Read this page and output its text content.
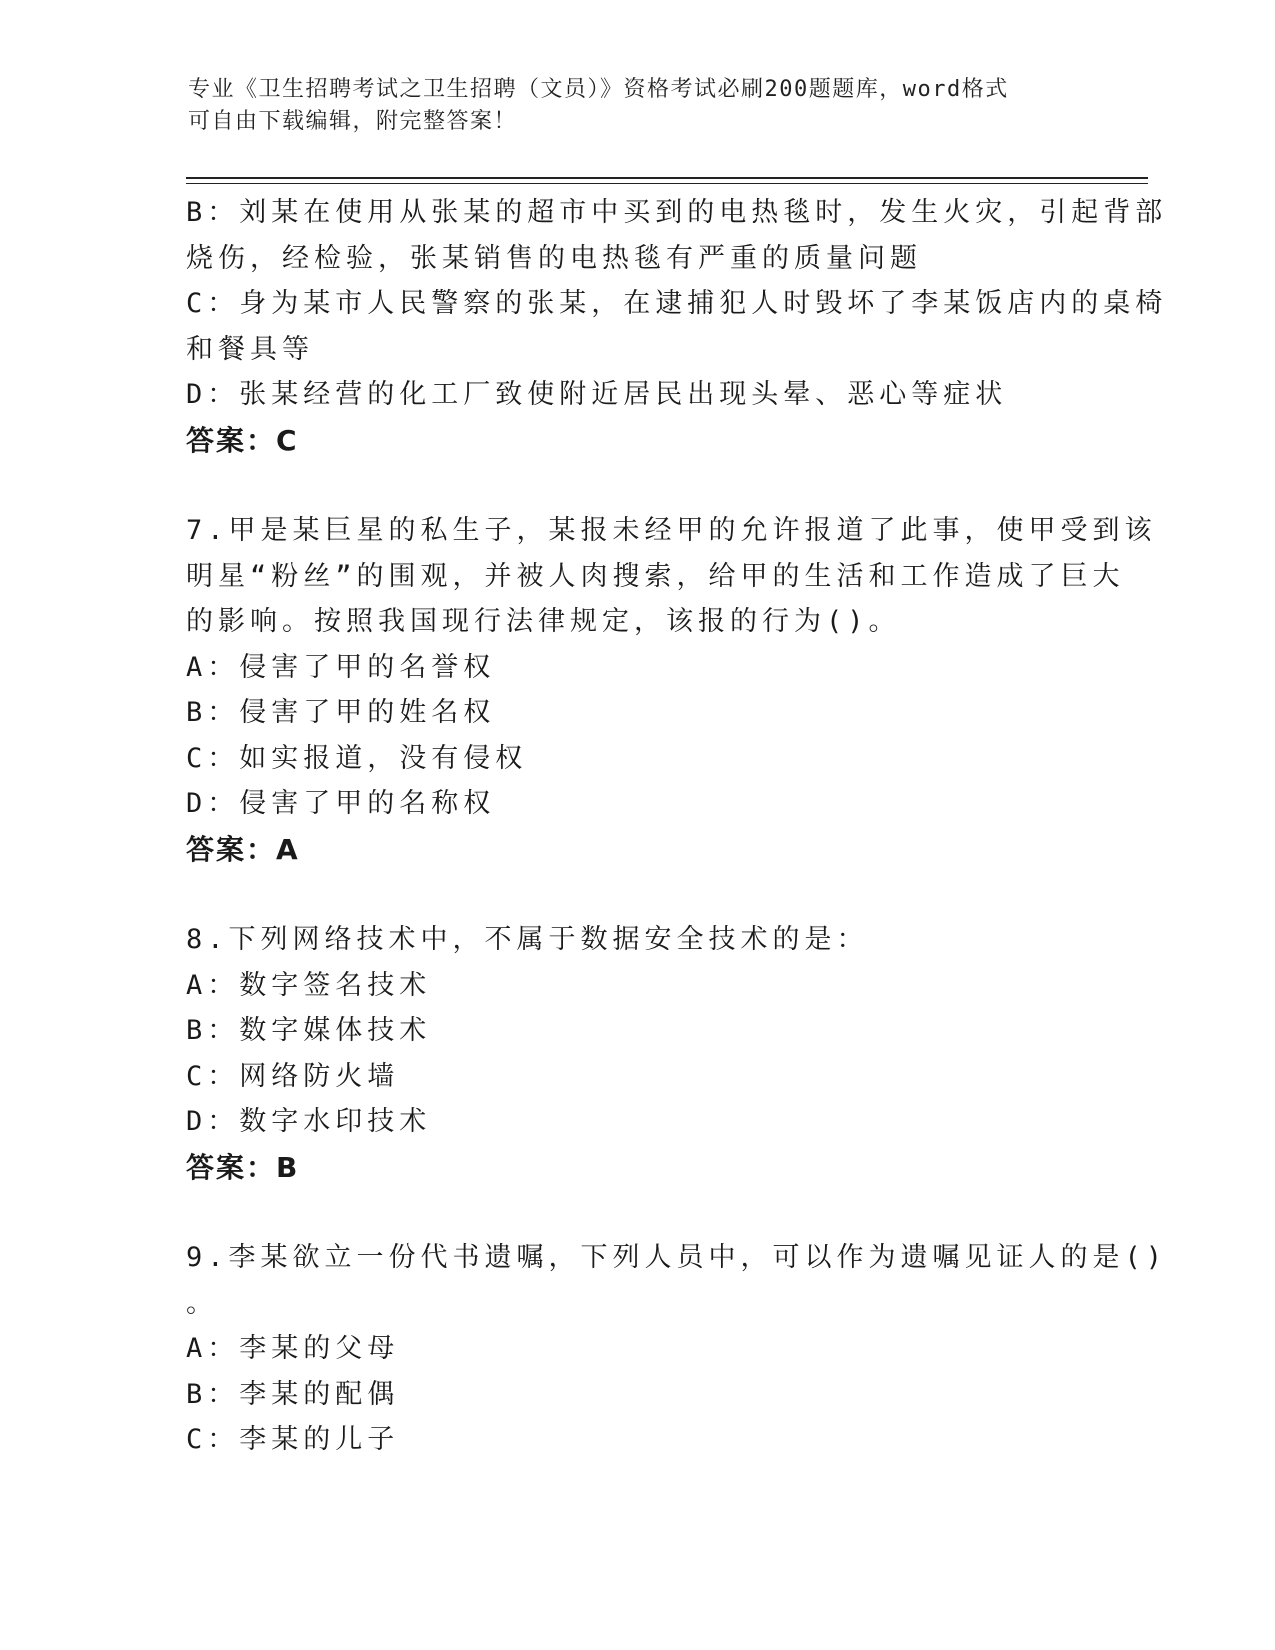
专业《卫生招聘考试之卫生招聘（文员）》资格考试必刷200题题库，word格式
可自由下载编辑，附完整答案！
B：刘某在使用从张某的超市中买到的电热毯时，发生火灾，引起背部
烧伤，经检验，张某销售的电热毯有严重的质量问题
C：身为某市人民警察的张某，在逮捕犯人时毁坏了李某饭店内的桌椅
和餐具等
D：张某经营的化工厂致使附近居民出现头晕、恶心等症状
答案：C
7.甲是某巨星的私生子，某报未经甲的允许报道了此事，使甲受到该
明星“粉丝”的围观，并被人肉搜索，给甲的生活和工作造成了巨大
的影响。按照我国现行法律规定，该报的行为()。
A：侵害了甲的名誉权
B：侵害了甲的姓名权
C：如实报道，没有侵权
D：侵害了甲的名称权
答案：A
8.下列网络技术中，不属于数据安全技术的是：
A：数字签名技术
B：数字媒体技术
C：网络防火墙
D：数字水印技术
答案：B
9.李某欲立一份代书遗嘱，下列人员中，可以作为遗嘱见证人的是()
。
A：李某的父母
B：李某的配偶
C：李某的儿子
